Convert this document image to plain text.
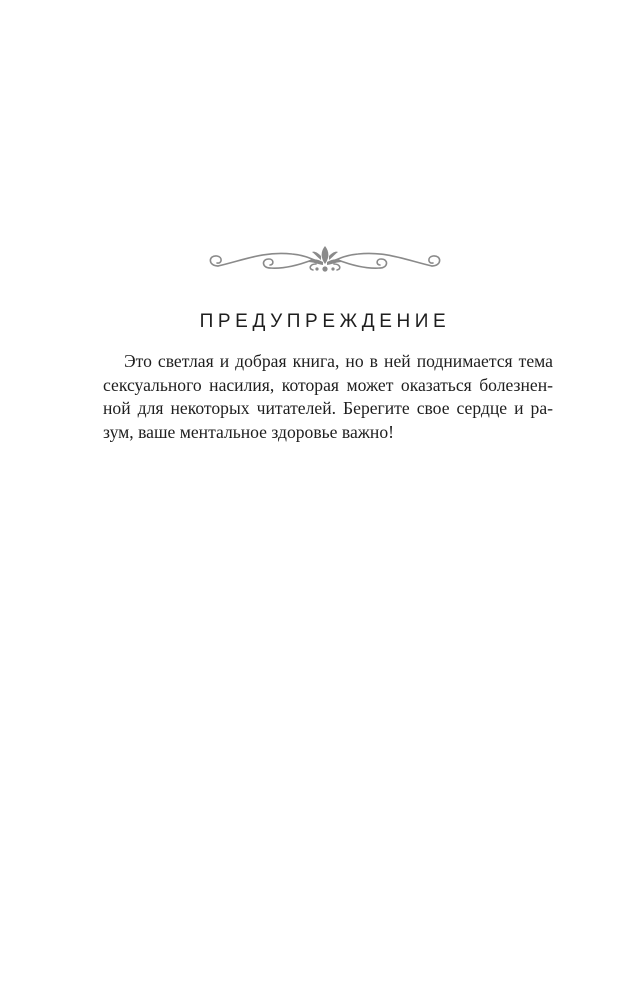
ПРЕДУПРЕЖДЕНИЕ

Это светлая и добрая книга, но в ней поднимается тема
сексуального насилия, которая может оказаться болезнен-
ной для некоторых читателей. Берегите свое сердце и ра-
зум, ваше ментальное здоровье важно!
